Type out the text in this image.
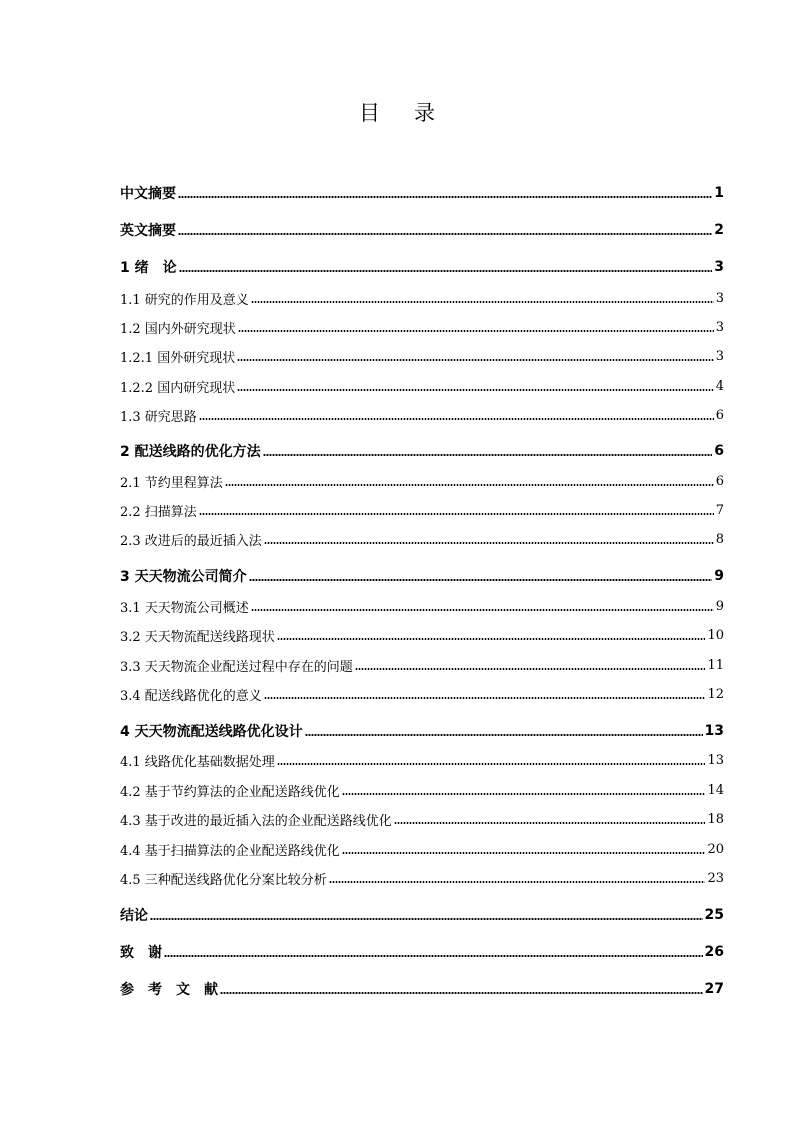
目 录
中文摘要	1
英文摘要	2
1 绪　论	3
1.1 研究的作用及意义	3
1.2 国内外研究现状	3
1.2.1 国外研究现状	3
1.2.2 国内研究现状	4
1.3 研究思路	6
2 配送线路的优化方法	6
2.1 节约里程算法	6
2.2 扫描算法	7
2.3 改进后的最近插入法	8
3 天天物流公司简介	9
3.1 天天物流公司概述	9
3.2 天天物流配送线路现状	10
3.3 天天物流企业配送过程中存在的问题	11
3.4 配送线路优化的意义	12
4 天天物流配送线路优化设计	13
4.1 线路优化基础数据处理	13
4.2 基于节约算法的企业配送路线优化	14
4.3 基于改进的最近插入法的企业配送路线优化	18
4.4 基于扫描算法的企业配送路线优化	20
4.5 三种配送线路优化分案比较分析	23
结论	25
致　谢	26
参　考　文　献	27
